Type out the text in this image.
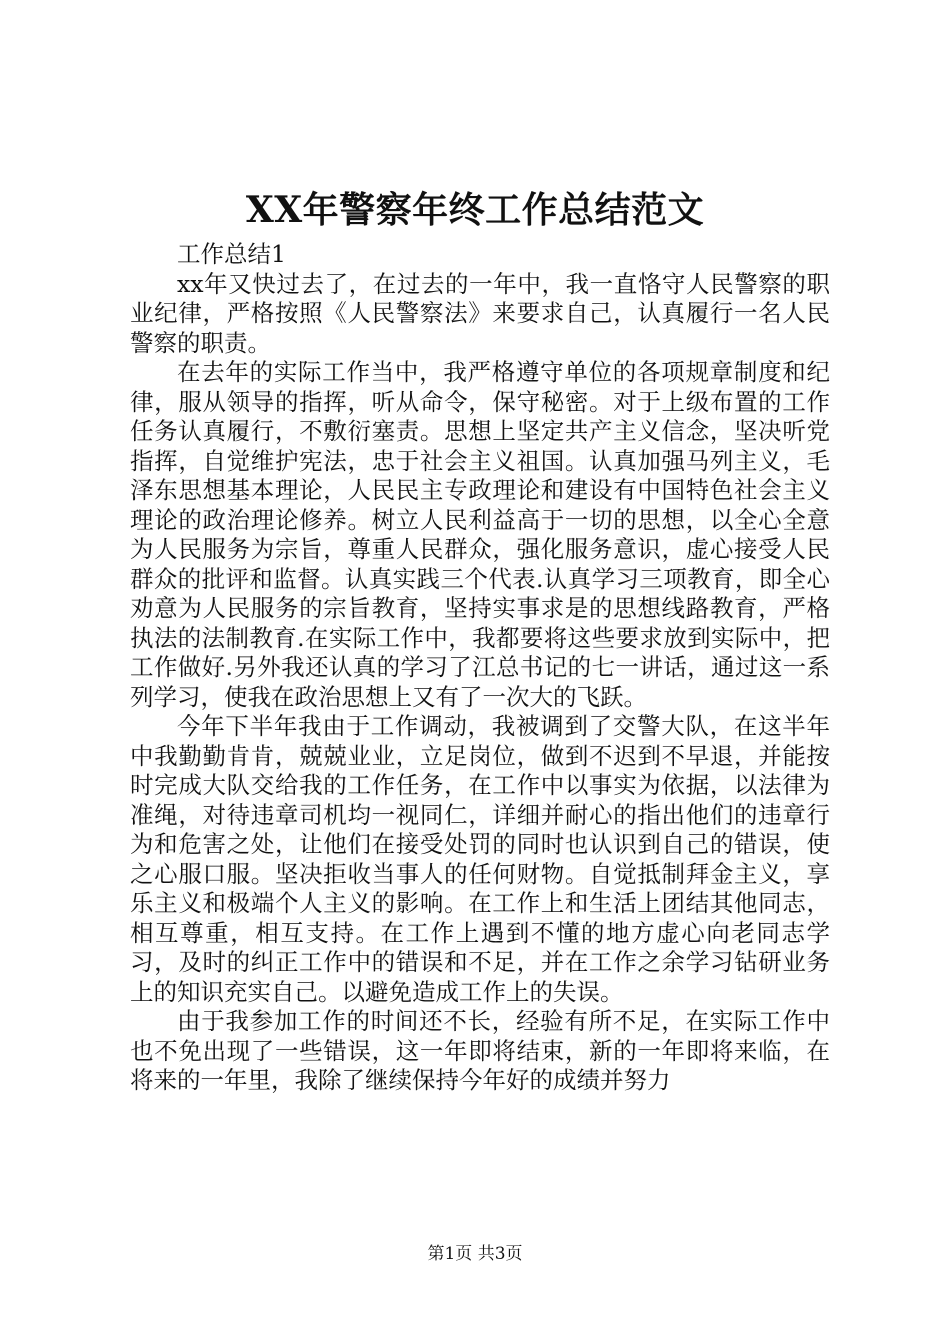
XX年警察年终工作总结范文

工作总结1

xx年又快过去了，在过去的一年中，我一直恪守人民警察的职业纪律，严格按照《人民警察法》来要求自己，认真履行一名人民警察的职责。

在去年的实际工作当中，我严格遵守单位的各项规章制度和纪律，服从领导的指挥，听从命令，保守秘密。对于上级布置的工作任务认真履行，不敷衍塞责。思想上坚定共产主义信念，坚决听党指挥，自觉维护宪法，忠于社会主义祖国。认真加强马列主义，毛泽东思想基本理论，人民民主专政理论和建设有中国特色社会主义理论的政治理论修养。树立人民利益高于一切的思想，以全心全意为人民服务为宗旨，尊重人民群众，强化服务意识，虚心接受人民群众的批评和监督。认真实践三个代表.认真学习三项教育，即全心劝意为人民服务的宗旨教育，坚持实事求是的思想线路教育，严格执法的法制教育.在实际工作中，我都要将这些要求放到实际中，把工作做好.另外我还认真的学习了江总书记的七一讲话，通过这一系列学习，使我在政治思想上又有了一次大的飞跃。

今年下半年我由于工作调动，我被调到了交警大队，在这半年中我勤勤肯肯，兢兢业业，立足岗位，做到不迟到不早退，并能按时完成大队交给我的工作任务，在工作中以事实为依据，以法律为准绳，对待违章司机均一视同仁，详细并耐心的指出他们的违章行为和危害之处，让他们在接受处罚的同时也认识到自己的错误，使之心服口服。坚决拒收当事人的任何财物。自觉抵制拜金主义，享乐主义和极端个人主义的影响。在工作上和生活上团结其他同志，相互尊重，相互支持。在工作上遇到不懂的地方虚心向老同志学习，及时的纠正工作中的错误和不足，并在工作之余学习钻研业务上的知识充实自己。以避免造成工作上的失误。

由于我参加工作的时间还不长，经验有所不足，在实际工作中也不免出现了一些错误，这一年即将结束，新的一年即将来临，在将来的一年里，我除了继续保持今年好的成绩并努力

第1页 共3页
